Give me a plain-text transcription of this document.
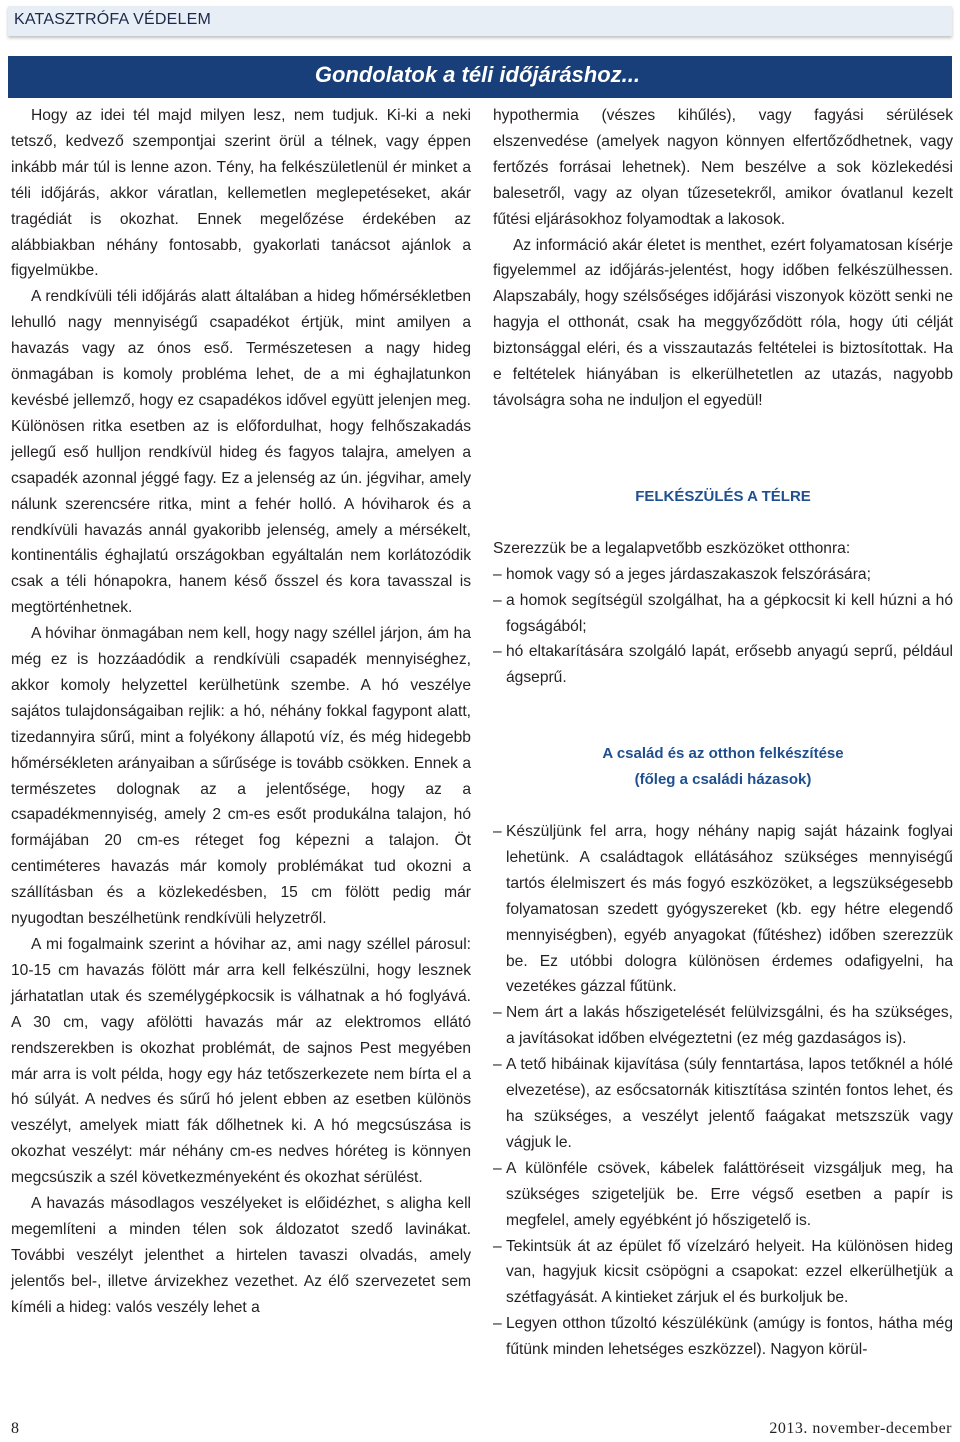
KATASZTRÓFA VÉDELEM
Gondolatok a téli időjáráshoz...

Hogy az idei tél majd milyen lesz, nem tudjuk. Ki-ki a neki tetsző, kedvező szempontjai szerint örül a télnek, vagy éppen inkább már túl is lenne azon. Tény, ha felkészületlenül ér minket a téli időjárás, akkor váratlan, kellemetlen meglepetéseket, akár tragédiát is okozhat. Ennek megelőzése érdekében az alábbiakban néhány fontosabb, gyakorlati tanácsot ajánlok a figyelmükbe.

A rendkívüli téli időjárás alatt általában a hideg hőmérsékletben lehulló nagy mennyiségű csapadékot értjük, mint amilyen a havazás vagy az ónos eső. Természetesen a nagy hideg önmagában is komoly probléma lehet, de a mi éghajlatunkon kevésbé jellemző, hogy ez csapadékos idővel együtt jelenjen meg. Különösen ritka esetben az is előfordulhat, hogy felhőszakadás jellegű eső hulljon rendkívül hideg és fagyos talajra, amelyen a csapadék azonnal jéggé fagy. Ez a jelenség az ún. jégvihar, amely nálunk szerencsére ritka, mint a fehér holló. A hóviharok és a rendkívüli havazás annál gyakoribb jelenség, amely a mérsékelt, kontinentális éghajlatú országokban egyáltalán nem korlátozódik csak a téli hónapokra, hanem késő ősszel és kora tavasszal is megtörténhetnek.

A hóvihar önmagában nem kell, hogy nagy széllel járjon, ám ha még ez is hozzáadódik a rendkívüli csapadék mennyiséghez, akkor komoly helyzettel kerülhetünk szembe. A hó veszélye sajátos tulajdonságaiban rejlik: a hó, néhány fokkal fagypont alatt, tizedannyira sűrű, mint a folyékony állapotú víz, és még hidegebb hőmérsékleten arányaiban a sűrűsége is tovább csökken. Ennek a természetes dolognak az a jelentősége, hogy az a csapadékmennyiség, amely 2 cm-es esőt produkálna talajon, hó formájában 20 cm-es réteget fog képezni a talajon. Öt centiméteres havazás már komoly problémákat tud okozni a szállításban és a közlekedésben, 15 cm fölött pedig már nyugodtan beszélhetünk rendkívüli helyzetről.

A mi fogalmaink szerint a hóvihar az, ami nagy széllel párosul: 10-15 cm havazás fölött már arra kell felkészülni, hogy lesznek járhatatlan utak és személygépkocsik is válhatnak a hó foglyává. A 30 cm, vagy afölötti havazás már az elektromos ellátó rendszerekben is okozhat problémát, de sajnos Pest megyében már arra is volt példa, hogy egy ház tetőszerkezete nem bírta el a hó súlyát. A nedves és sűrű hó jelent ebben az esetben különös veszélyt, amelyek miatt fák dőlhetnek ki. A hó megcsúszása is okozhat veszélyt: már néhány cm-es nedves hóréteg is könnyen megcsúszik a szél következményeként és okozhat sérülést.

A havazás másodlagos veszélyeket is előidézhet, s aligha kell megemlíteni a minden télen sok áldozatot szedő lavinákat. További veszélyt jelenthet a hirtelen tavaszi olvadás, amely jelentős bel-, illetve árvizekhez vezethet. Az élő szervezetet sem kíméli a hideg: valós veszély lehet a

hypothermia (vészes kihűlés), vagy fagyási sérülések elszenvedése (amelyek nagyon könnyen elfertőződhetnek, vagy fertőzés forrásai lehetnek). Nem beszélve a sok közlekedési balesetről, vagy az olyan tűzesetekről, amikor óvatlanul kezelt fűtési eljárásokhoz folyamodtak a lakosok.

Az információ akár életet is menthet, ezért folyamatosan kísérje figyelemmel az időjárás-jelentést, hogy időben felkészülhessen. Alapszabály, hogy szélsőséges időjárási viszonyok között senki ne hagyja el otthonát, csak ha meggyőződött róla, hogy úti célját biztonsággal eléri, és a visszautazás feltételei is biztosítottak. Ha e feltételek hiányában is elkerülhetetlen az utazás, nagyobb távolságra soha ne induljon el egyedül!

FELKÉSZÜLÉS A TÉLRE

Szerezzük be a legalapvetőbb eszközöket otthonra:

– homok vagy só a jeges járdaszakaszok felszórására;
– a homok segítségül szolgálhat, ha a gépkocsit ki kell húzni a hó fogságából;
– hó eltakarítására szolgáló lapát, erősebb anyagú seprű, például ágseprű.
A család és az otthon felkészítése
(főleg a családi házasok)
– Készüljünk fel arra, hogy néhány napig saját házaink foglyai lehetünk. A családtagok ellátásához szükséges mennyiségű tartós élelmiszert és más fogyó eszközöket, a legszükségesebb folyamatosan szedett gyógyszereket (kb. egy hétre elegendő mennyiségben), egyéb anyagokat (fűtéshez) időben szerezzük be. Ez utóbbi dologra különösen érdemes odafigyelni, ha vezetékes gázzal fűtünk.
– Nem árt a lakás hőszigetelését felülvizsgálni, és ha szükséges, a javításokat időben elvégeztetni (ez még gazdaságos is).
– A tető hibáinak kijavítása (súly fenntartása, lapos tetőknél a hólé elvezetése), az esőcsatornák kitisztítása szintén fontos lehet, és ha szükséges, a veszélyt jelentő faágakat metszszük vagy vágjuk le.
– A különféle csövek, kábelek faláttöréseit vizsgáljuk meg, ha szükséges szigeteljük be. Erre végső esetben a papír is megfelel, amely egyébként jó hőszigetelő is.
– Tekintsük át az épület fő vízelzáró helyeit. Ha különösen hideg van, hagyjuk kicsit csöpögni a csapokat: ezzel elkerülhetjük a szétfagyását. A kintieket zárjuk el és burkoljuk be.
– Legyen otthon tűzoltó készülékünk (amúgy is fontos, hátha még fűtünk minden lehetséges eszközzel). Nagyon körül-
8	2013. november-december
